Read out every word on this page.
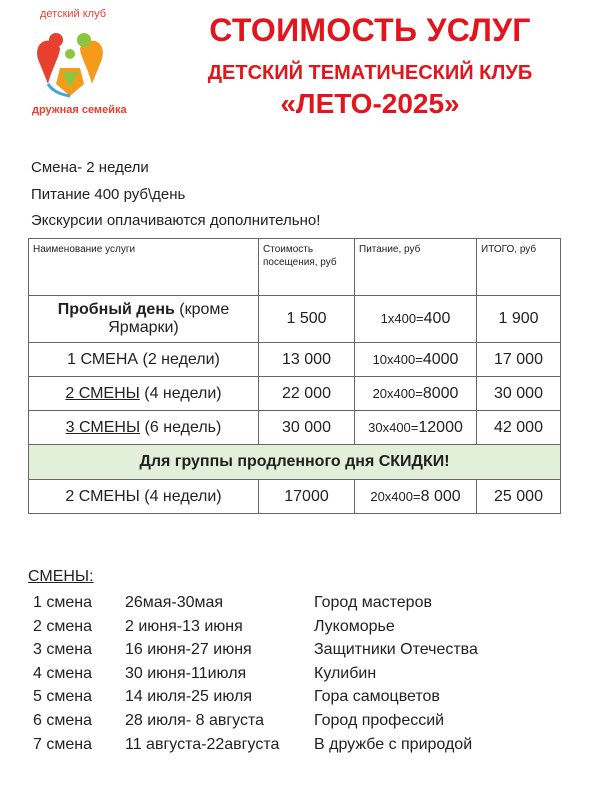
детский клуб
дружная семейка
СТОИМОСТЬ УСЛУГ
ДЕТСКИЙ ТЕМАТИЧЕСКИЙ КЛУБ
«ЛЕТО-2025»
Смена- 2 недели
Питание 400 руб\день
Экскурсии оплачиваются дополнительно!
Наименование услуги	Стоимость посещения, руб	Питание, руб	ИТОГО, руб
Пробный день (кроме Ярмарки)	1 500	1х400=400	1 900
1 СМЕНА (2 недели)	13 000	10х400=4000	17 000
2 СМЕНЫ (4 недели)	22 000	20х400=8000	30 000
3 СМЕНЫ (6 недель)	30 000	30х400=12000	42 000
Для группы продленного дня СКИДКИ!			
2 СМЕНЫ (4 недели)	17000	20х400=8 000	25 000
СМЕНЫ:
1 смена 26мая-30мая	Город мастеров
2 смена 2 июня-13 июня	Лукоморье
3 смена 16 июня-27 июня	Защитники Отечества
4 смена 30 июня-11июля	Кулибин
5 смена 14 июля-25 июля	Гора самоцветов
6 смена 28 июля- 8 августа	Город профессий
7 смена 11 августа-22августа В дружбе с природой
